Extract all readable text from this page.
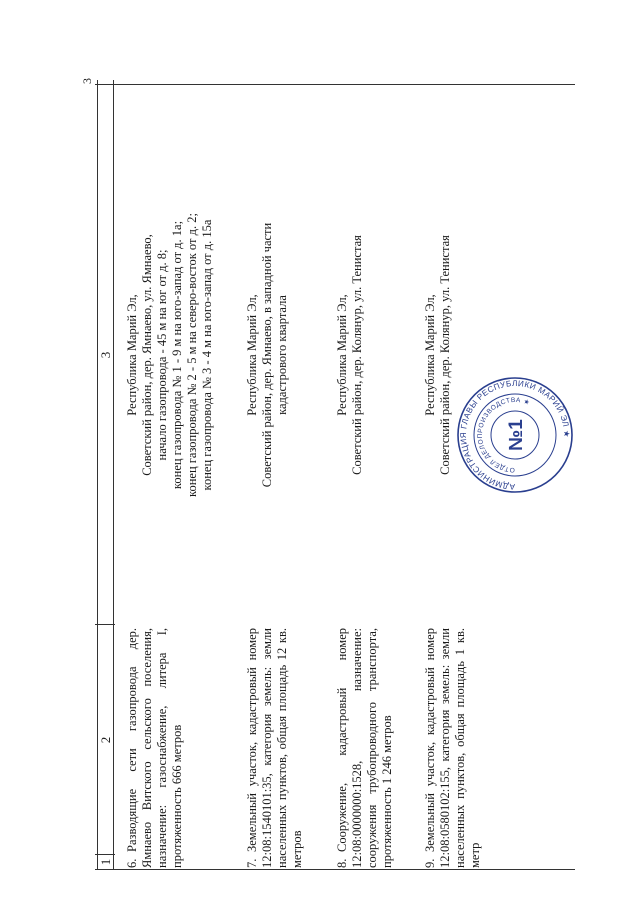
3
1
2
3
6.Разводящие сети газопровода дер. Ямнаево Витского сельского поселения, назначение: газоснабжение, литера I, протяженность 666 метров
Республика Марий Эл, Советский район, дер. Ямнаево, ул. Ямнаево, начало газопровода - 45 м на юг от д. 8; конец газопровода № 1 - 9 м на юго-запад от д. 1а; конец газопровода № 2 - 5 м на северо-восток от д. 2; конец газопровода № 3 - 4 м на юго-запад от д. 15а
7.Земельный участок, кадастровый номер 12:08:1540101:35, категория земель: земли населенных пунктов, общая площадь 12 кв. метров
Республика Марий Эл, Советский район, дер. Ямнаево, в западной части кадастрового квартала
8.Сооружение, кадастровый номер 12:08:0000000:1528, назначение: сооружения трубопроводного транспорта, протяженность 1 246 метров
Республика Марий Эл, Советский район, дер. Колянур, ул. Тенистая
9.Земельный участок, кадастровый номер 12:08:0580102:155, категория земель: земли населенных пунктов, общая площадь 1 кв. метр
Республика Марий Эл, Советский район, дер. Колянур, ул. Тенистая
АДМИНИСТРАЦИЯ ГЛАВЫ РЕСПУБЛИКИ МАРИЙ ЭЛ ★
ОТДЕЛ ДЕЛОПРОИЗВОДСТВА ★
№1
